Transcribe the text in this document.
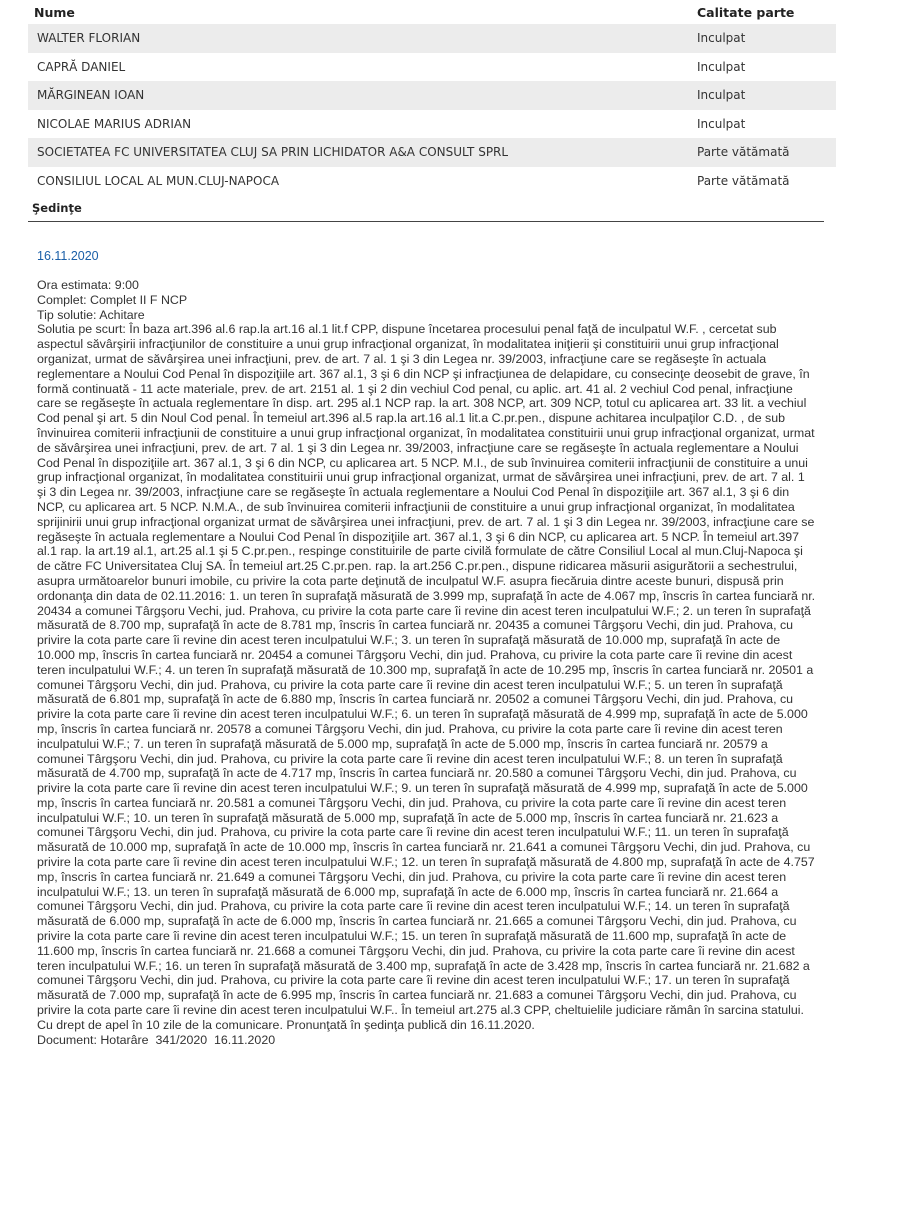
Nume	Calitate parte
WALTER FLORIAN	Inculpat
CAPRĂ DANIEL	Inculpat
MĂRGINEAN IOAN	Inculpat
NICOLAE MARIUS ADRIAN	Inculpat
SOCIETATEA FC UNIVERSITATEA CLUJ SA PRIN LICHIDATOR A&A CONSULT SPRL	Parte vătămată
CONSILIUL LOCAL AL MUN.CLUJ-NAPOCA	Parte vătămată
Şedinţe
16.11.2020
Ora estimata: 9:00
Complet: Complet II F NCP
Tip solutie: Achitare
Solutia pe scurt: În baza art.396 al.6 rap.la art.16 al.1 lit.f CPP, dispune încetarea procesului penal faţă de inculpatul W.F. , cercetat sub aspectul săvârşirii infracţiunilor de constituire a unui grup infracţional organizat, în modalitatea iniţierii şi constituirii unui grup infracţional organizat, urmat de săvârşirea unei infracţiuni, prev. de art. 7 al. 1 şi 3 din Legea nr. 39/2003, infracţiune care se regăseşte în actuala reglementare a Noului Cod Penal în dispoziţiile art. 367 al.1, 3 şi 6 din NCP şi infracţiunea de delapidare, cu consecinţe deosebit de grave, în formă continuată - 11 acte materiale, prev. de art. 2151 al. 1 şi 2 din vechiul Cod penal, cu aplic. art. 41 al. 2 vechiul Cod penal, infracţiune care se regăseşte în actuala reglementare în disp. art. 295 al.1 NCP rap. la art. 308 NCP, art. 309 NCP, totul cu aplicarea art. 33 lit. a vechiul Cod penal şi art. 5 din Noul Cod penal. În temeiul art.396 al.5 rap.la art.16 al.1 lit.a C.pr.pen., dispune achitarea inculpaţilor C.D. , de sub învinuirea comiterii infracţiunii de constituire a unui grup infracţional organizat, în modalitatea constituirii unui grup infracţional organizat, urmat de săvârşirea unei infracţiuni, prev. de art. 7 al. 1 şi 3 din Legea nr. 39/2003, infracţiune care se regăseşte în actuala reglementare a Noului Cod Penal în dispoziţiile art. 367 al.1, 3 şi 6 din NCP, cu aplicarea art. 5 NCP. M.I., de sub învinuirea comiterii infracţiunii de constituire a unui grup infracţional organizat, în modalitatea constituirii unui grup infracţional organizat, urmat de săvârşirea unei infracţiuni, prev. de art. 7 al. 1 şi 3 din Legea nr. 39/2003, infracţiune care se regăseşte în actuala reglementare a Noului Cod Penal în dispoziţiile art. 367 al.1, 3 şi 6 din NCP, cu aplicarea art. 5 NCP. N.M.A., de sub învinuirea comiterii infracţiunii de constituire a unui grup infracţional organizat, în modalitatea sprijinirii unui grup infracţional organizat urmat de săvârşirea unei infracţiuni, prev. de art. 7 al. 1 şi 3 din Legea nr. 39/2003, infracţiune care se regăseşte în actuala reglementare a Noului Cod Penal în dispoziţiile art. 367 al.1, 3 şi 6 din NCP, cu aplicarea art. 5 NCP. În temeiul art.397 al.1 rap. la art.19 al.1, art.25 al.1 şi 5 C.pr.pen., respinge constituirile de parte civilă formulate de către Consiliul Local al mun.Cluj-Napoca şi de către FC Universitatea Cluj SA. În temeiul art.25 C.pr.pen. rap. la art.256 C.pr.pen., dispune ridicarea măsurii asigurătorii a sechestrului, asupra următoarelor bunuri imobile, cu privire la cota parte deţinută de inculpatul W.F. asupra fiecăruia dintre aceste bunuri, dispusă prin ordonanţa din data de 02.11.2016: 1. un teren în suprafaţă măsurată de 3.999 mp, suprafaţă în acte de 4.067 mp, înscris în cartea funciară nr. 20434 a comunei Târgşoru Vechi, jud. Prahova, cu privire la cota parte care îi revine din acest teren inculpatului W.F.; 2. un teren în suprafaţă măsurată de 8.700 mp, suprafaţă în acte de 8.781 mp, înscris în cartea funciară nr. 20435 a comunei Târgşoru Vechi, din jud. Prahova, cu privire la cota parte care îi revine din acest teren inculpatului W.F.; 3. un teren în suprafaţă măsurată de 10.000 mp, suprafaţă în acte de 10.000 mp, înscris în cartea funciară nr. 20454 a comunei Târgşoru Vechi, din jud. Prahova, cu privire la cota parte care îi revine din acest teren inculpatului W.F.; 4. un teren în suprafaţă măsurată de 10.300 mp, suprafaţă în acte de 10.295 mp, înscris în cartea funciară nr. 20501 a comunei Târgşoru Vechi, din jud. Prahova, cu privire la cota parte care îi revine din acest teren inculpatului W.F.; 5. un teren în suprafaţă măsurată de 6.801 mp, suprafaţă în acte de 6.880 mp, înscris în cartea funciară nr. 20502 a comunei Târgşoru Vechi, din jud. Prahova, cu privire la cota parte care îi revine din acest teren inculpatului W.F.; 6. un teren în suprafaţă măsurată de 4.999 mp, suprafaţă în acte de 5.000 mp, înscris în cartea funciară nr. 20578 a comunei Târgşoru Vechi, din jud. Prahova, cu privire la cota parte care îi revine din acest teren inculpatului W.F.; 7. un teren în suprafaţă măsurată de 5.000 mp, suprafaţă în acte de 5.000 mp, înscris în cartea funciară nr. 20579 a comunei Târgşoru Vechi, din jud. Prahova, cu privire la cota parte care îi revine din acest teren inculpatului W.F.; 8. un teren în suprafaţă măsurată de 4.700 mp, suprafaţă în acte de 4.717 mp, înscris în cartea funciară nr. 20.580 a comunei Târgşoru Vechi, din jud. Prahova, cu privire la cota parte care îi revine din acest teren inculpatului W.F.; 9. un teren în suprafaţă măsurată de 4.999 mp, suprafaţă în acte de 5.000 mp, înscris în cartea funciară nr. 20.581 a comunei Târgşoru Vechi, din jud. Prahova, cu privire la cota parte care îi revine din acest teren inculpatului W.F.; 10. un teren în suprafaţă măsurată de 5.000 mp, suprafaţă în acte de 5.000 mp, înscris în cartea funciară nr. 21.623 a comunei Târgşoru Vechi, din jud. Prahova, cu privire la cota parte care îi revine din acest teren inculpatului W.F.; 11. un teren în suprafaţă măsurată de 10.000 mp, suprafaţă în acte de 10.000 mp, înscris în cartea funciară nr. 21.641 a comunei Târgşoru Vechi, din jud. Prahova, cu privire la cota parte care îi revine din acest teren inculpatului W.F.; 12. un teren în suprafaţă măsurată de 4.800 mp, suprafaţă în acte de 4.757 mp, înscris în cartea funciară nr. 21.649 a comunei Târgşoru Vechi, din jud. Prahova, cu privire la cota parte care îi revine din acest teren inculpatului W.F.; 13. un teren în suprafaţă măsurată de 6.000 mp, suprafaţă în acte de 6.000 mp, înscris în cartea funciară nr. 21.664 a comunei Târgşoru Vechi, din jud. Prahova, cu privire la cota parte care îi revine din acest teren inculpatului W.F.; 14. un teren în suprafaţă măsurată de 6.000 mp, suprafaţă în acte de 6.000 mp, înscris în cartea funciară nr. 21.665 a comunei Târgşoru Vechi, din jud. Prahova, cu privire la cota parte care îi revine din acest teren inculpatului W.F.; 15. un teren în suprafaţă măsurată de 11.600 mp, suprafaţă în acte de 11.600 mp, înscris în cartea funciară nr. 21.668 a comunei Târgşoru Vechi, din jud. Prahova, cu privire la cota parte care îi revine din acest teren inculpatului W.F.; 16. un teren în suprafaţă măsurată de 3.400 mp, suprafaţă în acte de 3.428 mp, înscris în cartea funciară nr. 21.682 a comunei Târgşoru Vechi, din jud. Prahova, cu privire la cota parte care îi revine din acest teren inculpatului W.F.; 17. un teren în suprafaţă măsurată de 7.000 mp, suprafaţă în acte de 6.995 mp, înscris în cartea funciară nr. 21.683 a comunei Târgşoru Vechi, din jud. Prahova, cu privire la cota parte care îi revine din acest teren inculpatului W.F.. În temeiul art.275 al.3 CPP, cheltuielile judiciare rămân în sarcina statului. Cu drept de apel în 10 zile de la comunicare. Pronunţată în şedinţa publică din 16.11.2020.
Document: Hotarâre  341/2020  16.11.2020
